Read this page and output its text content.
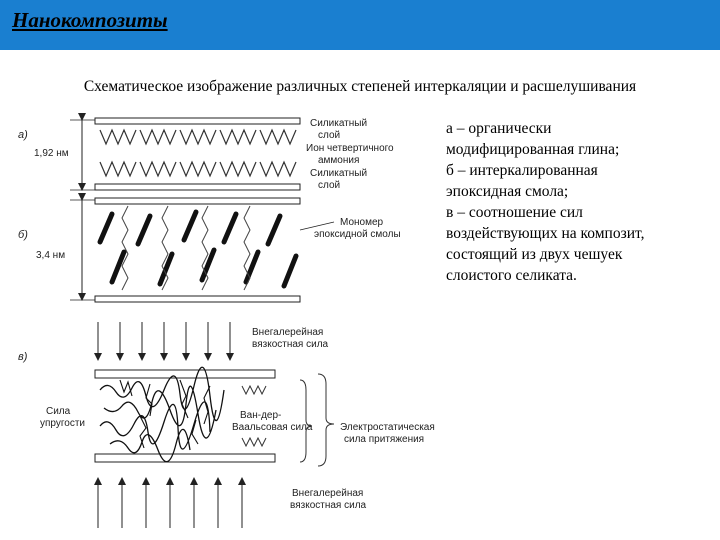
Нанокомпозиты
Схематическое изображение различных степеней интеркаляции и расшелушивания
а – органически
модифицированная глина;
б – интеркалированная
эпоксидная смола;
в – соотношение сил
воздействующих на композит,
состоящий из двух чешуек
слоистого селиката.
а)
1,92 нм
Силикатный
слой
Ион четвертичного
аммония
Силикатный
слой
б)
3,4 нм
Мономер
эпоксидной смолы
в)
Внегалерейная
вязкостная сила
Сила
упругости
Ван-дер-
Ваальсовая сила	Электростатическая
сила притяжения
Внегалерейная
вязкостная сила
